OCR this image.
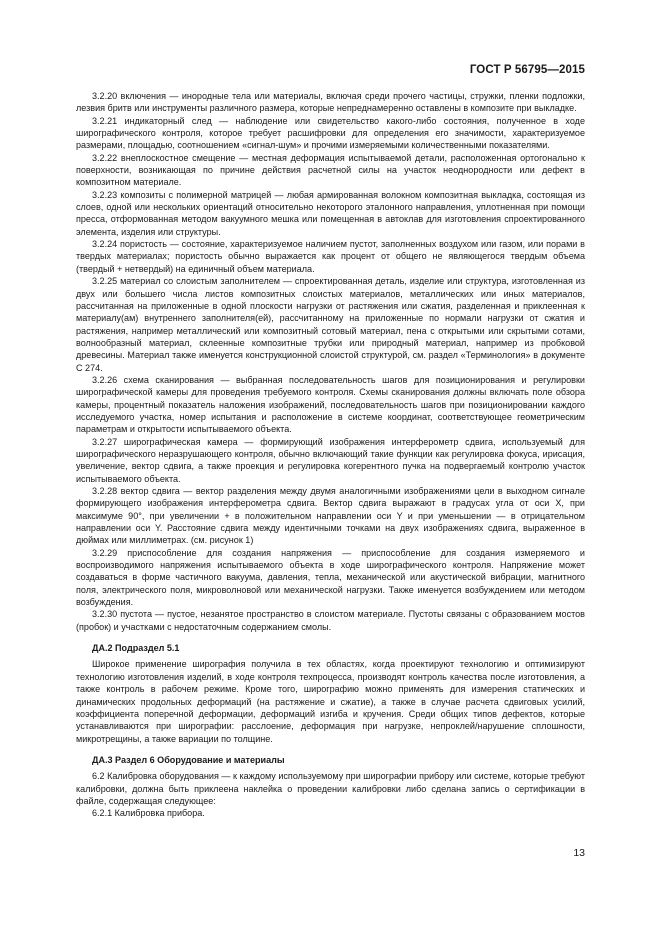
ГОСТ Р 56795—2015

3.2.20 включения — инородные тела или материалы, включая среди прочего частицы, стружки, пленки подложки, лезвия бритв или инструменты различного размера, которые непреднамеренно оставлены в композите при выкладке.

3.2.21 индикаторный след — наблюдение или свидетельство какого-либо состояния, полученное в ходе ширографического контроля, которое требует расшифровки для определения его значимости, характеризуемое размерами, площадью, соотношением «сигнал-шум» и прочими измеряемыми количественными показателями.

3.2.22 внеплоскостное смещение — местная деформация испытываемой детали, расположенная ортогонально к поверхности, возникающая по причине действия расчетной силы на участок неоднородности или дефект в композитном материале.

3.2.23 композиты с полимерной матрицей — любая армированная волокном композитная выкладка, состоящая из слоев, одной или нескольких ориентаций относительно некоторого эталонного направления, уплотненная при помощи пресса, отформованная методом вакуумного мешка или помещенная в автоклав для изготовления спроектированного элемента, изделия или структуры.

3.2.24 пористость — состояние, характеризуемое наличием пустот, заполненных воздухом или газом, или порами в твердых материалах; пористость обычно выражается как процент от общего не являющегося твердым объема (твердый + нетвердый) на единичный объем материала.

3.2.25 материал со слоистым заполнителем — спроектированная деталь, изделие или структура, изготовленная из двух или большего числа листов композитных слоистых материалов, металлических или иных материалов, рассчитанная на приложенные в одной плоскости нагрузки от растяжения или сжатия, разделенная и приклеенная к материалу(ам) внутреннего заполнителя(ей), рассчитанному на приложенные по нормали нагрузки от сжатия и растяжения, например металлический или композитный сотовый материал, пена с открытыми или скрытыми сотами, волнообразный материал, склеенные композитные трубки или природный материал, например из пробковой древесины. Материал также именуется конструкционной слоистой структурой, см. раздел «Терминология» в документе С 274.

3.2.26 схема сканирования — выбранная последовательность шагов для позиционирования и регулировки ширографической камеры для проведения требуемого контроля. Схемы сканирования должны включать поле обзора камеры, процентный показатель наложения изображений, последовательность шагов при позиционировании каждого исследуемого участка, номер испытания и расположение в системе координат, соответствующее геометрическим параметрам и открытости испытываемого объекта.

3.2.27 ширографическая камера — формирующий изображения интерферометр сдвига, используемый для ширографического неразрушающего контроля, обычно включающий такие функции как регулировка фокуса, ирисация, увеличение, вектор сдвига, а также проекция и регулировка когерентного пучка на подвергаемый контролю участок испытываемого объекта.

3.2.28 вектор сдвига — вектор разделения между двумя аналогичными изображениями цели в выходном сигнале формирующего изображения интерферометра сдвига. Вектор сдвига выражают в градусах угла от оси X, при максимуме 90°, при увеличении + в положительном направлении оси Y и при уменьшении — в отрицательном направлении оси Y. Расстояние сдвига между идентичными точками на двух изображениях сдвига, выраженное в дюймах или миллиметрах. (см. рисунок 1)

3.2.29 приспособление для создания напряжения — приспособление для создания измеряемого и воспроизводимого напряжения испытываемого объекта в ходе ширографического контроля. Напряжение может создаваться в форме частичного вакуума, давления, тепла, механической или акустической вибрации, магнитного поля, электрического поля, микроволновой или механической нагрузки. Также именуется возбуждением или методом возбуждения.

3.2.30 пустота — пустое, незанятое пространство в слоистом материале. Пустоты связаны с образованием мостов (пробок) и участками с недостаточным содержанием смолы.

ДА.2 Подраздел 5.1

Широкое применение ширография получила в тех областях, когда проектируют технологию и оптимизируют технологию изготовления изделий, в ходе контроля техпроцесса, производят контроль качества после изготовления, а также контроль в рабочем режиме. Кроме того, ширографию можно применять для измерения статических и динамических продольных деформаций (на растяжение и сжатие), а также в случае расчета сдвиговых усилий, коэффициента поперечной деформации, деформаций изгиба и кручения. Среди общих типов дефектов, которые устанавливаются при ширографии: расслоение, деформация при нагрузке, непроклей/нарушение сплошности, микротрещины, а также вариации по толщине.

ДА.3 Раздел 6 Оборудование и материалы

6.2 Калибровка оборудования — к каждому используемому при ширографии прибору или системе, которые требуют калибровки, должна быть приклеена наклейка о проведении калибровки либо сделана запись о сертификации в файле, содержащая следующее:

6.2.1 Калибровка прибора.

13
